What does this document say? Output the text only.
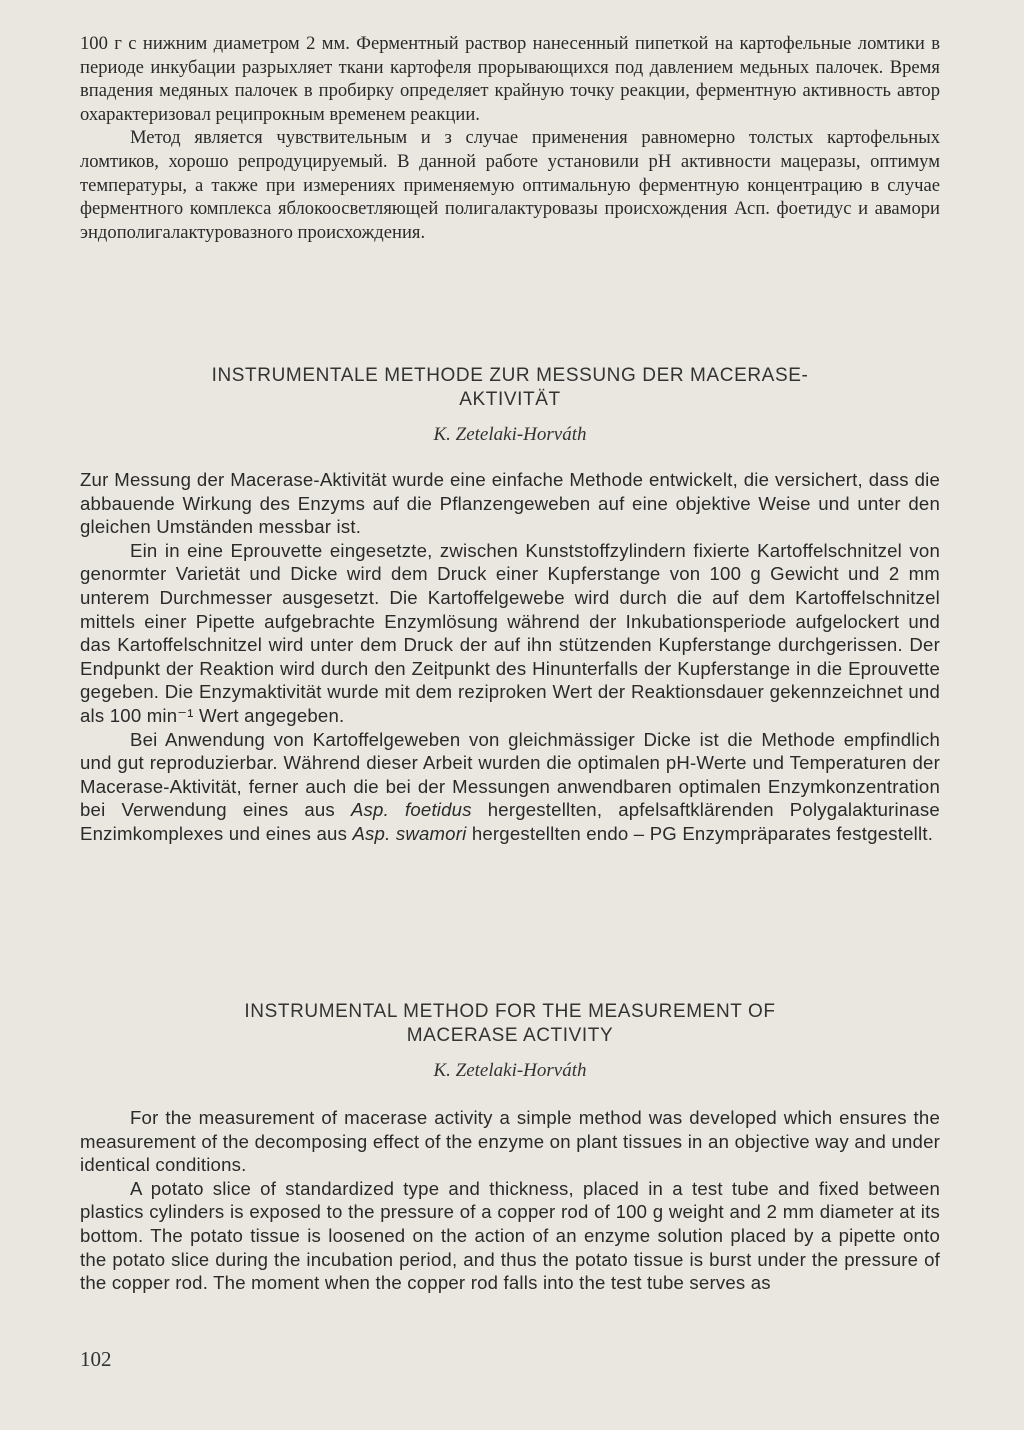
100 г с нижним диаметром 2 мм. Ферментный раствор нанесенный пипеткой на картофельные ломтики в периоде инкубации разрыхляет ткани картофеля прорывающихся под давлением медьных палочек. Время впадения медяных палочек в пробирку определяет крайную точку реакции, ферментную активность автор охарактеризовал реципрокным временем реакции.

Метод является чувствительным и з случае применения равномерно толстых картофельных ломтиков, хорошо репродуцируемый. В данной работе установили pH активности мацеразы, оптимум температуры, а также при измерениях применяемую оптимальную ферментную концентрацию в случае ферментного комплекса яблокоосветляющей полигалактуровазы происхождения Асп. фоетидус и авамори эндополигалактуровазного происхождения.

INSTRUMENTALE METHODE ZUR MESSUNG DER MACERASE-
AKTIVITÄT
K. Zetelaki-Horváth

Zur Messung der Macerase-Aktivität wurde eine einfache Methode entwickelt, die versichert, dass die abbauende Wirkung des Enzyms auf die Pflanzengeweben auf eine objektive Weise und unter den gleichen Umständen messbar ist.

Ein in eine Eprouvette eingesetzte, zwischen Kunststoffzylindern fixierte Kartoffelschnitzel von genormter Varietät und Dicke wird dem Druck einer Kupferstange von 100 g Gewicht und 2 mm unterem Durchmesser ausgesetzt. Die Kartoffelgewebe wird durch die auf dem Kartoffelschnitzel mittels einer Pipette aufgebrachte Enzymlösung während der Inkubationsperiode aufgelockert und das Kartoffelschnitzel wird unter dem Druck der auf ihn stützenden Kupferstange durchgerissen. Der Endpunkt der Reaktion wird durch den Zeitpunkt des Hinunterfalls der Kupferstange in die Eprouvette gegeben. Die Enzymaktivität wurde mit dem reziproken Wert der Reaktionsdauer gekennzeichnet und als 100 min⁻¹ Wert angegeben.

Bei Anwendung von Kartoffelgeweben von gleichmässiger Dicke ist die Methode empfindlich und gut reproduzierbar. Während dieser Arbeit wurden die optimalen pH-Werte und Temperaturen der Macerase-Aktivität, ferner auch die bei der Messungen anwendbaren optimalen Enzymkonzentration bei Verwendung eines aus Asp. foetidus hergestellten, apfelsaftklärenden Polygalakturinase Enzimkomplexes und eines aus Asp. swamori hergestellten endo – PG Enzympräparates festgestellt.

INSTRUMENTAL METHOD FOR THE MEASUREMENT OF
MACERASE ACTIVITY
K. Zetelaki-Horváth

For the measurement of macerase activity a simple method was developed which ensures the measurement of the decomposing effect of the enzyme on plant tissues in an objective way and under identical conditions.

A potato slice of standardized type and thickness, placed in a test tube and fixed between plastics cylinders is exposed to the pressure of a copper rod of 100 g weight and 2 mm diameter at its bottom. The potato tissue is loosened on the action of an enzyme solution placed by a pipette onto the potato slice during the incubation period, and thus the potato tissue is burst under the pressure of the copper rod. The moment when the copper rod falls into the test tube serves as

102
